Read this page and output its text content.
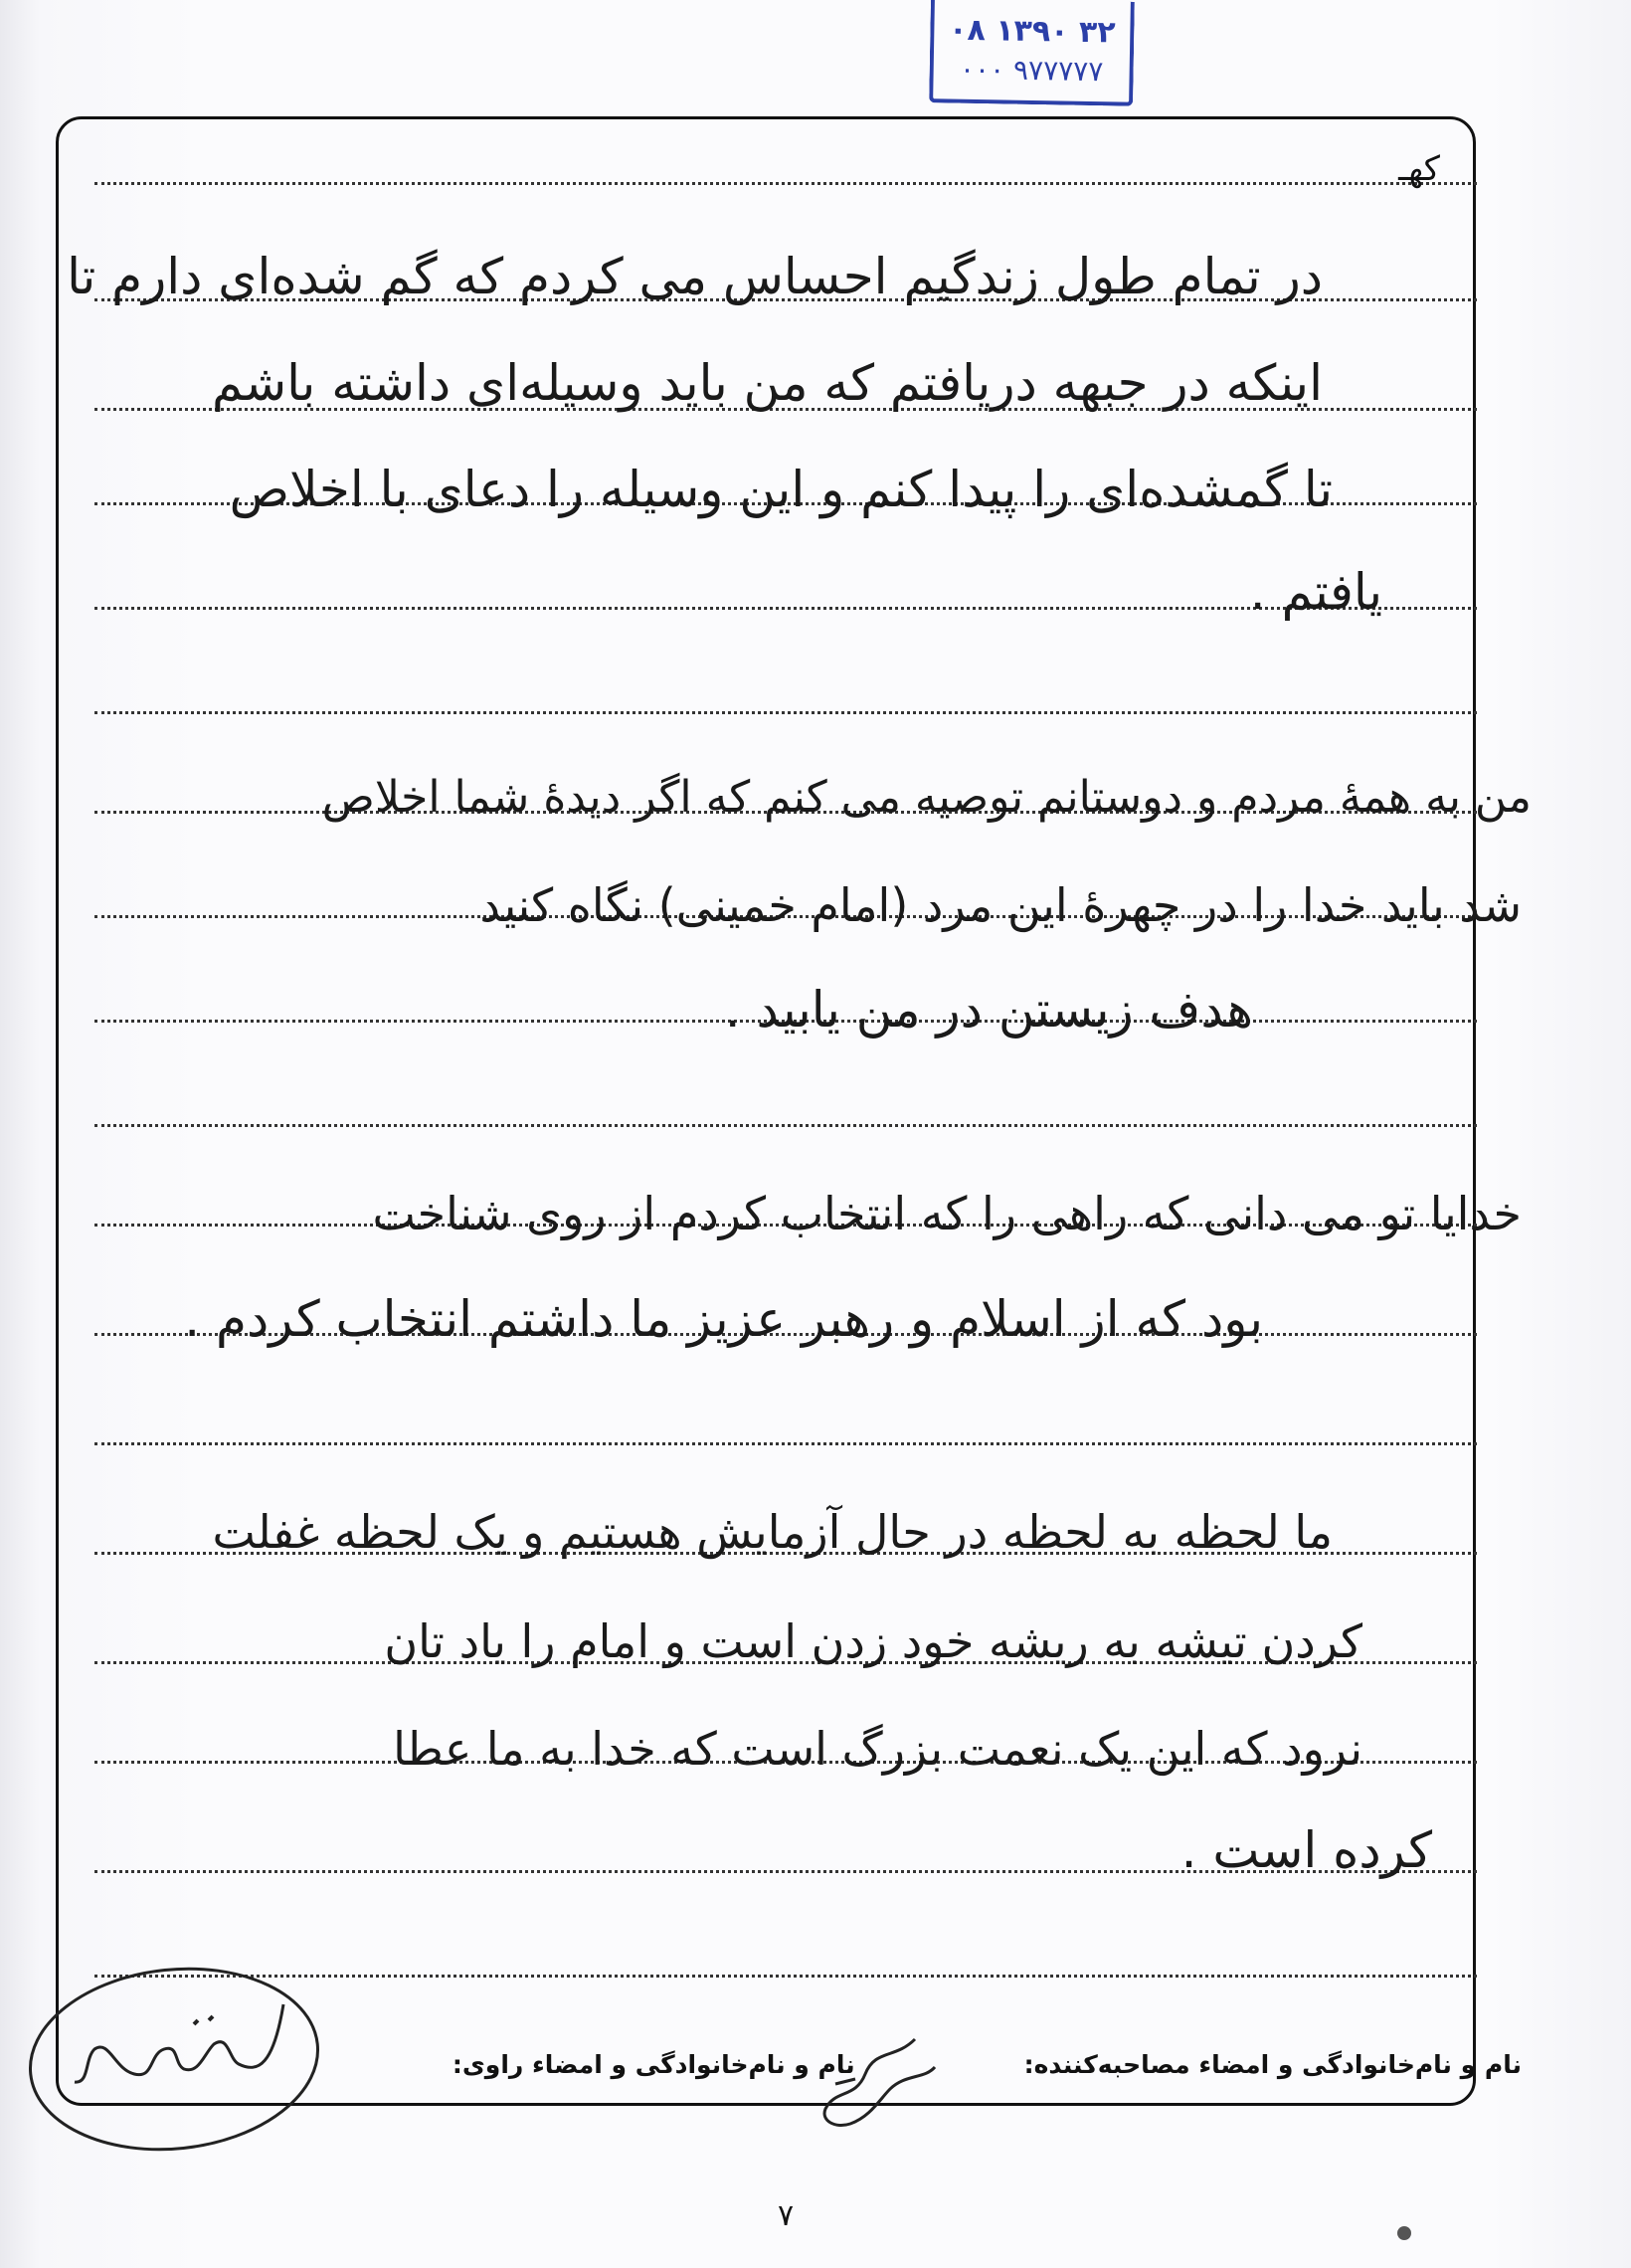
۰۸ ۱۳۹۰ ۳۲
۰۰۰ ۹۷۷۷۷۷
کهـ
در تمام طول زندگیم احساس می کردم که گم شده‌ای دارم تا
اینکه در جبهه دریافتم که من باید وسیله‌ای داشته باشم
تا گمشده‌ای را پیدا کنم و این وسیله را دعای با اخلاص
یافتم .
من به همهٔ مردم و دوستانم توصیه می کنم که اگر دیدهٔ شما اخلاص
شد باید خدا را در چهرهٔ این مرد (امام خمینی) نگاه کنید
هدف زیستن در من یابید .
خدایا تو می دانی که راهی را که انتخاب کردم از روی شناخت
بود که از اسلام و رهبر عزیز ما داشتم انتخاب کردم .
ما لحظه به لحظه در حال آزمایش هستیم و یک لحظه غفلت
کردن تیشه به ریشه خود زدن است و امام را یاد تان
نرود که این یک نعمت بزرگ است که خدا به ما عطا
کرده است .
نام و نام‌خانوادگی و امضاء مصاحبه‌کننده:
نام و نام‌خانوادگی و امضاء راوی:
۷
